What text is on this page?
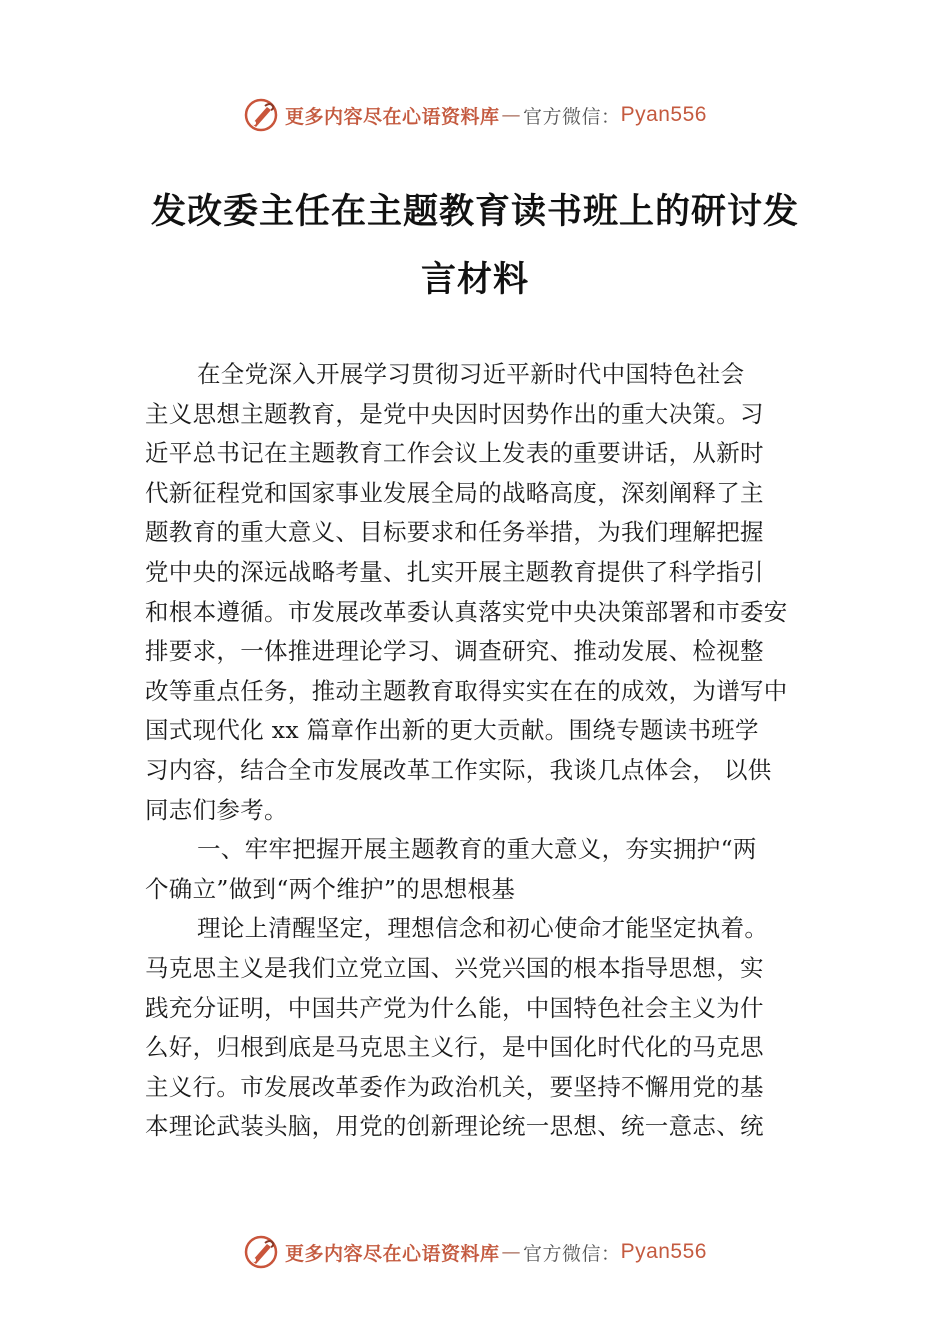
更多内容尽在心语资料库 — 官方微信： Pyan556
发改委主任在主题教育读书班上的研讨发
言材料
在全党深入开展学习贯彻习近平新时代中国特色社会
主义思想主题教育，是党中央因时因势作出的重大决策。习
近平总书记在主题教育工作会议上发表的重要讲话，从新时
代新征程党和国家事业发展全局的战略高度，深刻阐释了主
题教育的重大意义、目标要求和任务举措，为我们理解把握
党中央的深远战略考量、扎实开展主题教育提供了科学指引
和根本遵循。市发展改革委认真落实党中央决策部署和市委安
排要求，一体推进理论学习、调查研究、推动发展、检视整
改等重点任务，推动主题教育取得实实在在的成效，为谱写中
国式现代化 xx 篇章作出新的更大贡献。围绕专题读书班学
习内容，结合全市发展改革工作实际，我谈几点体会， 以供
同志们参考。
一、牢牢把握开展主题教育的重大意义，夯实拥护“两
个确立”做到“两个维护”的思想根基
理论上清醒坚定，理想信念和初心使命才能坚定执着。
马克思主义是我们立党立国、兴党兴国的根本指导思想，实
践充分证明，中国共产党为什么能，中国特色社会主义为什
么好，归根到底是马克思主义行，是中国化时代化的马克思
主义行。市发展改革委作为政治机关，要坚持不懈用党的基
本理论武装头脑，用党的创新理论统一思想、统一意志、统
更多内容尽在心语资料库 — 官方微信： Pyan556
